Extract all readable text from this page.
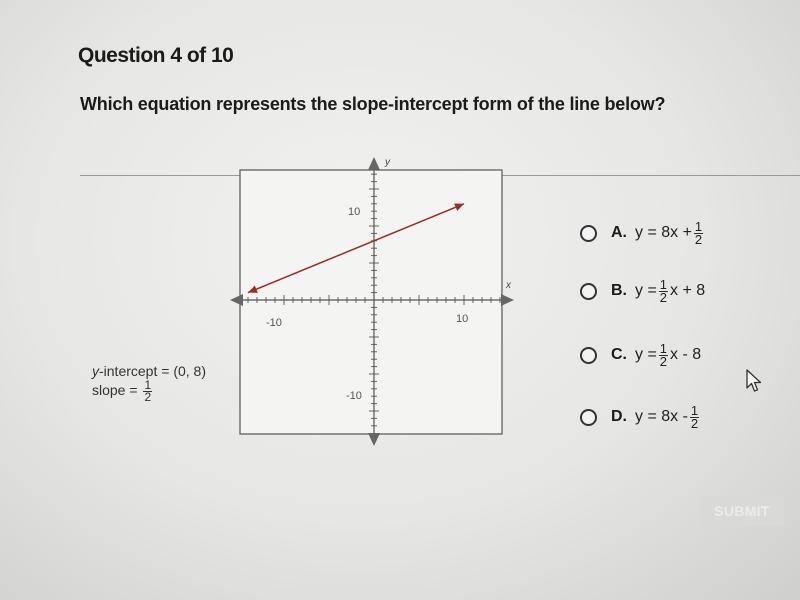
Question 4 of 10
Which equation represents the slope-intercept form of the line below?
x
y
-10	10
10
-10
y-intercept = (0, 8)
slope = $\frac{1}{2}$
A. $y = 8x + \frac{1}{2}$
B. $y = \frac{1}{2}$ x + 8
C. $y = \frac{1}{2}$ x - 8
D. $y = 8x - \frac{1}{2}$
SUBMIT
